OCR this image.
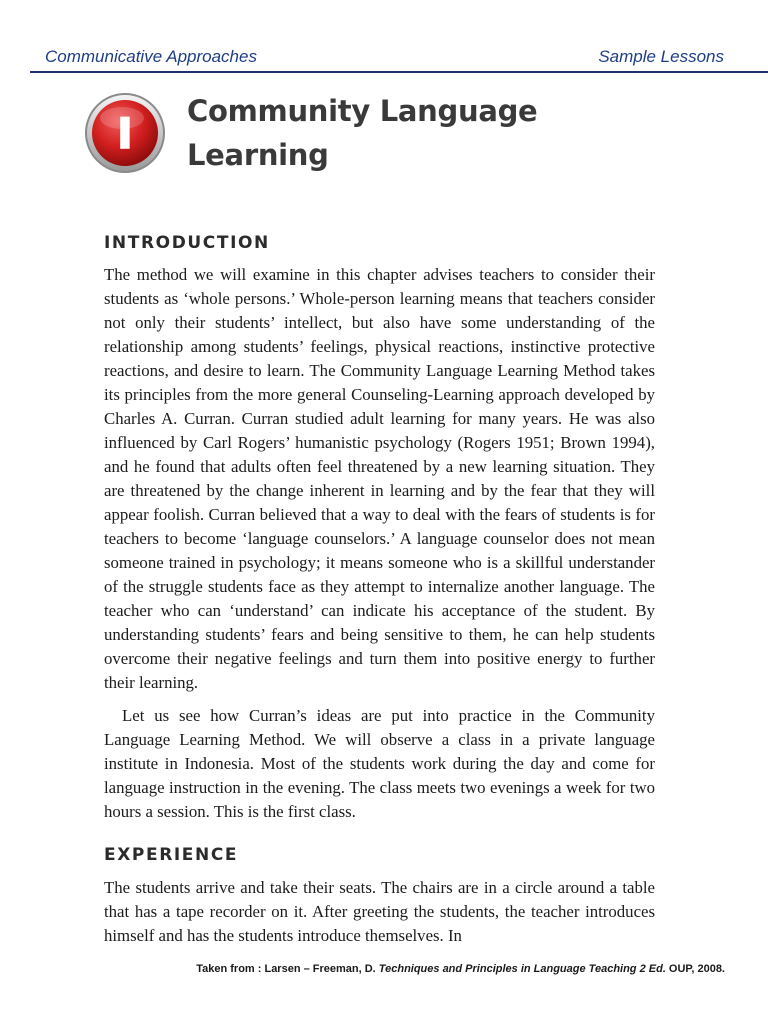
Communicative Approaches	Sample Lessons
I Community Language
Learning
INTRODUCTION

The method we will examine in this chapter advises teachers to consider their students as ‘whole persons.’ Whole-person learning means that teachers consider not only their students’ intellect, but also have some understanding of the relationship among students’ feelings, physical reactions, instinctive protective reactions, and desire to learn. The Community Language Learning Method takes its principles from the more general Counseling-Learning approach developed by Charles A. Curran. Curran studied adult learning for many years. He was also influenced by Carl Rogers’ humanistic psychology (Rogers 1951; Brown 1994), and he found that adults often feel threatened by a new learning situation. They are threatened by the change inherent in learning and by the fear that they will appear foolish. Curran believed that a way to deal with the fears of students is for teachers to become ‘language counselors.’ A language counselor does not mean someone trained in psychology; it means someone who is a skillful understander of the struggle students face as they attempt to internalize another language. The teacher who can ‘understand’ can indicate his acceptance of the student. By understanding students’ fears and being sensitive to them, he can help students overcome their negative feelings and turn them into positive energy to further their learning.

Let us see how Curran’s ideas are put into practice in the Community Language Learning Method. We will observe a class in a private language institute in Indonesia. Most of the students work during the day and come for language instruction in the evening. The class meets two evenings a week for two hours a session. This is the first class.

EXPERIENCE

The students arrive and take their seats. The chairs are in a circle around a table that has a tape recorder on it. After greeting the students, the teacher introduces himself and has the students introduce themselves. In

Taken from : Larsen – Freeman, D. Techniques and Principles in Language Teaching 2 Ed. OUP, 2008.
